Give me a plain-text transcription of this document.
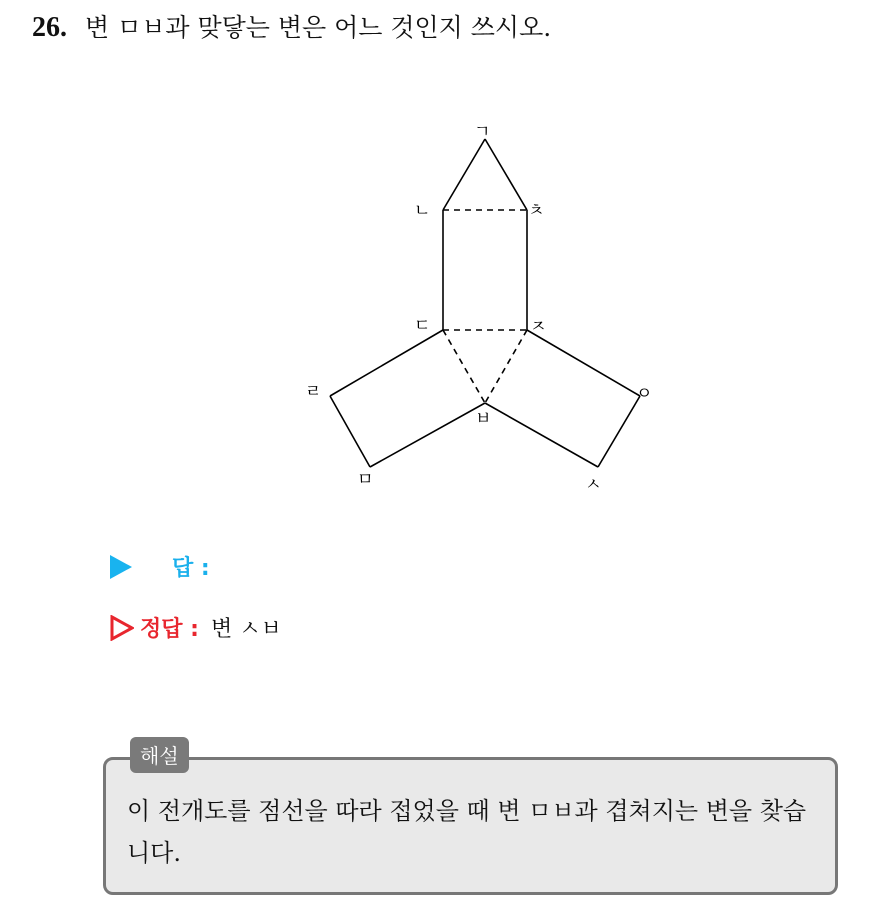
26. 변 ㅁㅂ과 맞닿는 변은 어느 것인지 쓰시오.
ㄱ
ㄴ	ㅊ
ㄷ	ㅈ
ㄹ	ㅇ
ㅂ
ㅁ	ㅅ
답 :
정답 : 변 ㅅㅂ
해설
이 전개도를 점선을 따라 접었을 때 변 ㅁㅂ과 겹쳐지는 변을 찾습니다.
